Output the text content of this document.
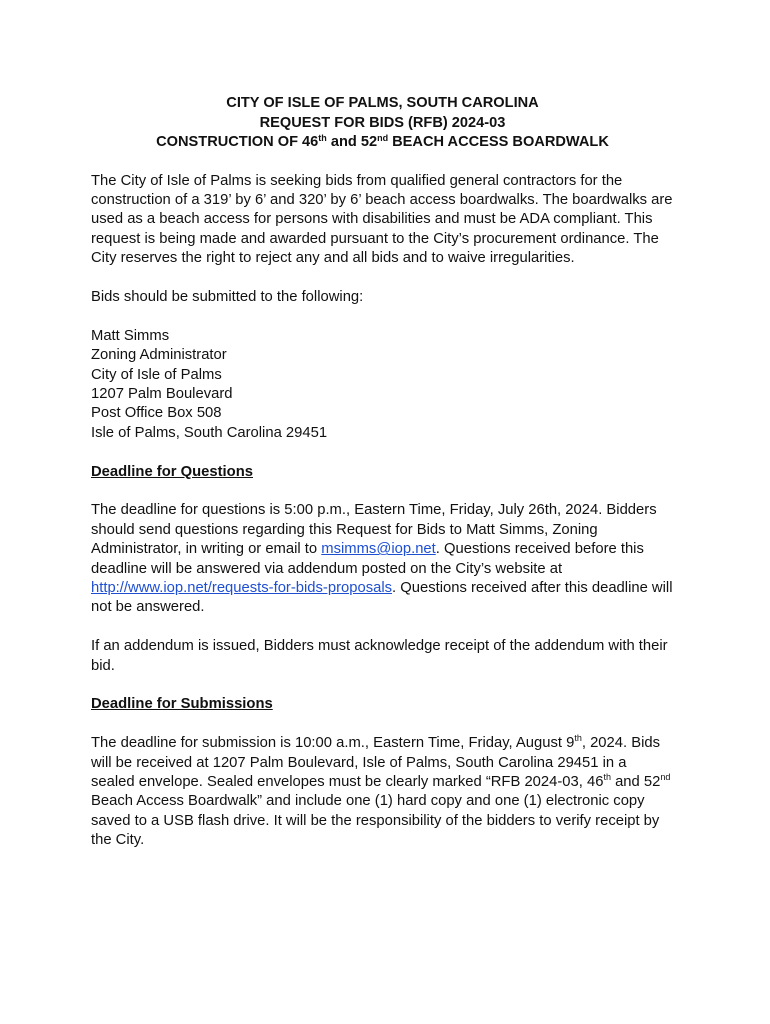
CITY OF ISLE OF PALMS, SOUTH CAROLINA
REQUEST FOR BIDS (RFB) 2024-03
CONSTRUCTION OF 46th and 52nd BEACH ACCESS BOARDWALK

The City of Isle of Palms is seeking bids from qualified general contractors for the construction of a 319’ by 6’ and 320’ by 6’ beach access boardwalks. The boardwalks are used as a beach access for persons with disabilities and must be ADA compliant. This request is being made and awarded pursuant to the City’s procurement ordinance. The City reserves the right to reject any and all bids and to waive irregularities.

Bids should be submitted to the following:

Matt Simms

Zoning Administrator

City of Isle of Palms

1207 Palm Boulevard

Post Office Box 508

Isle of Palms, South Carolina 29451

Deadline for Questions

The deadline for questions is 5:00 p.m., Eastern Time, Friday, July 26th, 2024. Bidders should send questions regarding this Request for Bids to Matt Simms, Zoning Administrator, in writing or email to msimms@iop.net. Questions received before this deadline will be answered via addendum posted on the City’s website at http://www.iop.net/requests-for-bids-proposals. Questions received after this deadline will not be answered.

If an addendum is issued, Bidders must acknowledge receipt of the addendum with their bid.

Deadline for Submissions

The deadline for submission is 10:00 a.m., Eastern Time, Friday, August 9th, 2024. Bids will be received at 1207 Palm Boulevard, Isle of Palms, South Carolina 29451 in a sealed envelope. Sealed envelopes must be clearly marked “RFB 2024-03, 46th and 52nd Beach Access Boardwalk” and include one (1) hard copy and one (1) electronic copy saved to a USB flash drive. It will be the responsibility of the bidders to verify receipt by the City.
